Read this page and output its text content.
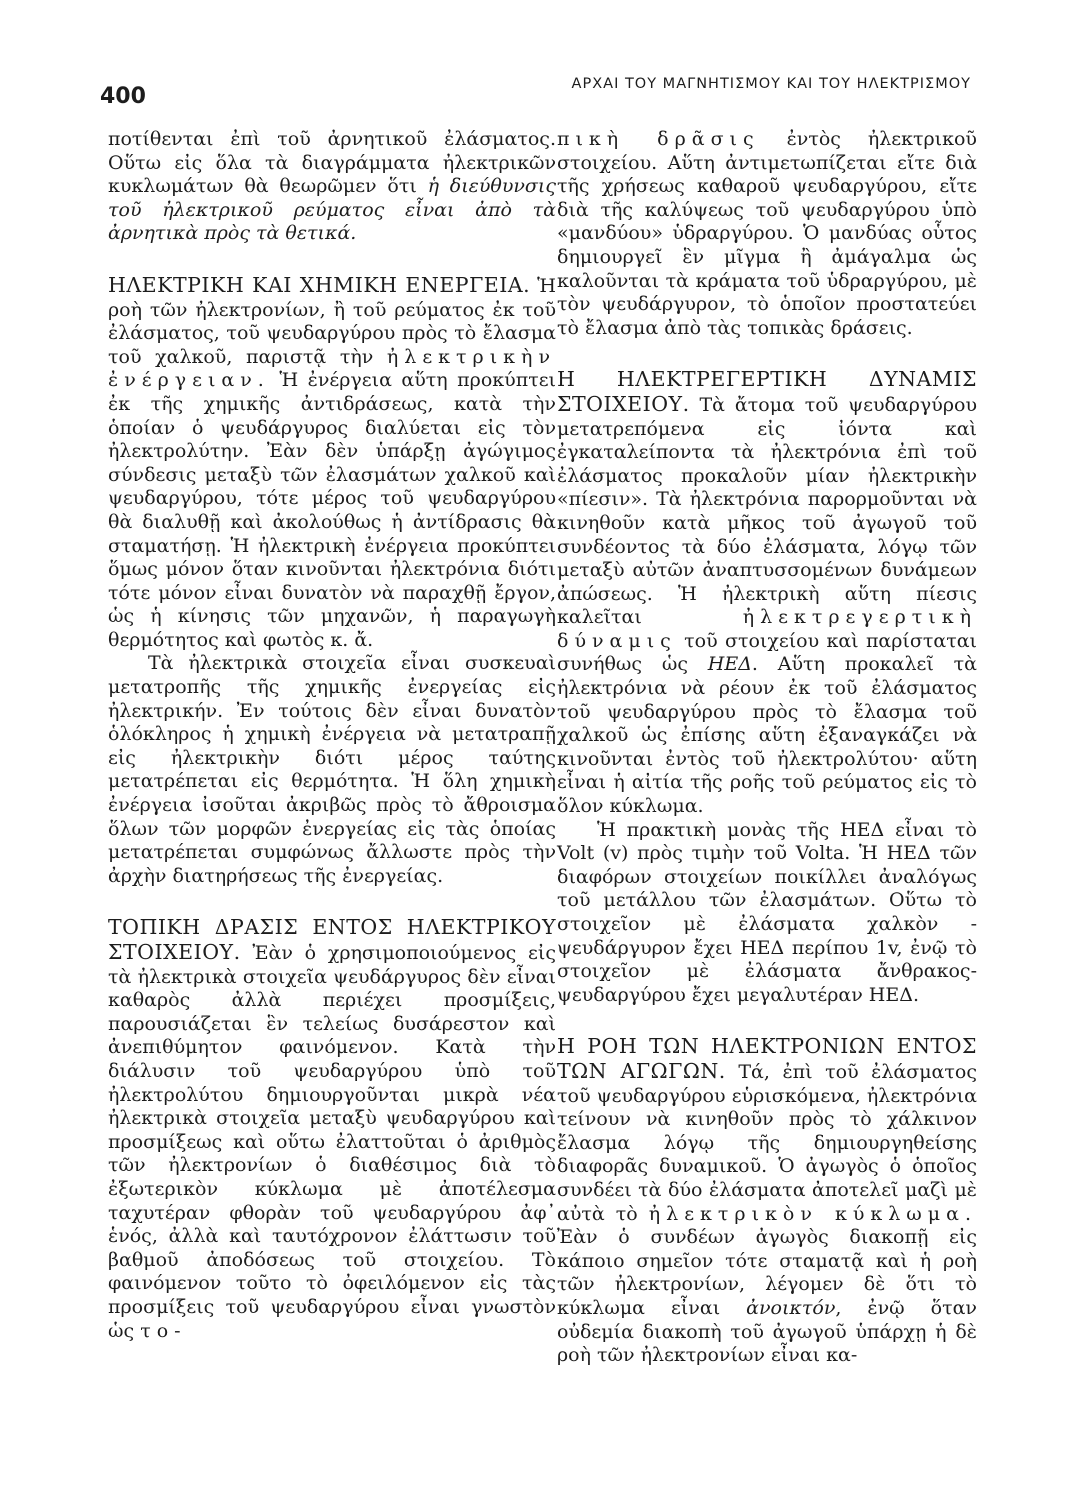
400	ΑΡΧΑΙ ΤΟΥ ΜΑΓΝΗΤΙΣΜΟΥ ΚΑΙ ΤΟΥ ΗΛΕΚΤΡΙΣΜΟΥ

ποτίθενται ἐπὶ τοῦ ἀρνητικοῦ ἐλάσματος. Οὕτω εἰς ὅλα τὰ διαγράμματα ἠλεκτρικῶν κυκλωμάτων θὰ θεωρῶμεν ὅτι ἡ διεύθυνσις τοῦ ἠλεκτρικοῦ ρεύματος εἶναι ἀπὸ τὰ ἀρνητικὰ πρὸς τὰ θετικά.

ΗΛΕΚΤΡΙΚΗ ΚΑΙ ΧΗΜΙΚΗ ΕΝΕΡΓΕΙΑ. Ἡ ροὴ τῶν ἠλεκτρονίων, ἢ τοῦ ρεύματος ἐκ τοῦ ἐλάσματος, τοῦ ψευδαργύρου πρὸς τὸ ἔλασμα τοῦ χαλκοῦ, παριστᾷ τὴν ἠλεκτρικὴν ἐνέργειαν. Ἡ ἐνέργεια αὕτη προκύπτει ἐκ τῆς χημικῆς ἀντιδράσεως, κατὰ τὴν ὁποίαν ὁ ψευδάργυρος διαλύεται εἰς τὸν ἠλεκτρολύτην. Ἐὰν δὲν ὑπάρξῃ ἀγώγιμος σύνδεσις μεταξὺ τῶν ἐλασμάτων χαλκοῦ καὶ ψευδαργύρου, τότε μέρος τοῦ ψευδαργύρου θὰ διαλυθῇ καὶ ἀκολούθως ἡ ἀντίδρασις θὰ σταματήσῃ. Ἡ ἠλεκτρικὴ ἐνέργεια προκύπτει ὅμως μόνον ὅταν κινοῦνται ἠλεκτρόνια διότι τότε μόνον εἶναι δυνατὸν νὰ παραχθῇ ἔργον, ὡς ἡ κίνησις τῶν μηχανῶν, ἡ παραγωγὴ θερμότητος καὶ φωτὸς κ. ἄ.

Τὰ ἠλεκτρικὰ στοιχεῖα εἶναι συσκευαὶ μετατροπῆς τῆς χημικῆς ἐνεργείας εἰς ἠλεκτρικήν. Ἐν τούτοις δὲν εἶναι δυνατὸν ὁλόκληρος ἡ χημικὴ ἐνέργεια νὰ μετατραπῇ εἰς ἠλεκτρικὴν διότι μέρος ταύτης μετατρέπεται εἰς θερμότητα. Ἡ ὅλη χημικὴ ἐνέργεια ἰσοῦται ἀκριβῶς πρὸς τὸ ἄθροισμα ὅλων τῶν μορφῶν ἐνεργείας εἰς τὰς ὁποίας μετατρέπεται συμφώνως ἄλλωστε πρὸς τὴν ἀρχὴν διατηρήσεως τῆς ἐνεργείας.

ΤΟΠΙΚΗ ΔΡΑΣΙΣ ΕΝΤΟΣ ΗΛΕΚΤΡΙΚΟΥ ΣΤΟΙΧΕΙΟΥ. Ἐὰν ὁ χρησιμοποιούμενος εἰς τὰ ἠλεκτρικὰ στοιχεῖα ψευδάργυρος δὲν εἶναι καθαρὸς ἀλλὰ περιέχει προσμίξεις, παρουσιάζεται ἓν τελείως δυσάρεστον καὶ ἀνεπιθύμητον φαινόμενον. Κατὰ τὴν διάλυσιν τοῦ ψευδαργύρου ὑπὸ τοῦ ἠλεκτρολύτου δημιουργοῦνται μικρὰ νέα ἠλεκτρικὰ στοιχεῖα μεταξὺ ψευδαργύρου καὶ προσμίξεως καὶ οὕτω ἐλαττοῦται ὁ ἀριθμὸς τῶν ἠλεκτρονίων ὁ διαθέσιμος διὰ τὸ ἐξωτερικὸν κύκλωμα μὲ ἀποτέλεσμα ταχυτέραν φθορὰν τοῦ ψευδαργύρου ἀφ᾽ ἑνός, ἀλλὰ καὶ ταυτόχρονον ἐλάττωσιν τοῦ βαθμοῦ ἀποδόσεως τοῦ στοιχείου. Τὸ φαινόμενον τοῦτο τὸ ὀφειλόμενον εἰς τὰς προσμίξεις τοῦ ψευδαργύρου εἶναι γνωστὸν ὡς το-

πικὴ δρᾶσις ἐντὸς ἠλεκτρικοῦ στοιχείου. Αὕτη ἀντιμετωπίζεται εἴτε διὰ τῆς χρήσεως καθαροῦ ψευδαργύρου, εἴτε διὰ τῆς καλύψεως τοῦ ψευδαργύρου ὑπὸ «μανδύου» ὑδραργύρου. Ὁ μανδύας οὗτος δημιουργεῖ ἓν μῖγμα ἢ ἀμάγαλμα ὡς καλοῦνται τὰ κράματα τοῦ ὑδραργύρου, μὲ τὸν ψευδάργυρον, τὸ ὁποῖον προστατεύει τὸ ἔλασμα ἀπὸ τὰς τοπικὰς δράσεις.

Η ΗΛΕΚΤΡΕΓΕΡΤΙΚΗ ΔΥΝΑΜΙΣ ΣΤΟΙΧΕΙΟΥ. Τὰ ἄτομα τοῦ ψευδαργύρου μετατρεπόμενα εἰς ἰόντα καὶ ἐγκαταλείποντα τὰ ἠλεκτρόνια ἐπὶ τοῦ ἐλάσματος προκαλοῦν μίαν ἠλεκτρικὴν «πίεσιν». Τὰ ἠλεκτρόνια παρορμοῦνται νὰ κινηθοῦν κατὰ μῆκος τοῦ ἀγωγοῦ τοῦ συνδέοντος τὰ δύο ἐλάσματα, λόγῳ τῶν μεταξὺ αὐτῶν ἀναπτυσσομένων δυνάμεων ἀπώσεως. Ἡ ἠλεκτρικὴ αὕτη πίεσις καλεῖται ἠλεκτρεγερτικὴ δύναμις τοῦ στοιχείου καὶ παρίσταται συνήθως ὡς ΗΕΔ. Αὕτη προκαλεῖ τὰ ἠλεκτρόνια νὰ ρέουν ἐκ τοῦ ἐλάσματος τοῦ ψευδαργύρου πρὸς τὸ ἔλασμα τοῦ χαλκοῦ ὡς ἐπίσης αὕτη ἐξαναγκάζει νὰ κινοῦνται ἐντὸς τοῦ ἠλεκτρολύτου· αὕτη εἶναι ἡ αἰτία τῆς ροῆς τοῦ ρεύματος εἰς τὸ ὅλον κύκλωμα.

Ἡ πρακτικὴ μονὰς τῆς ΗΕΔ εἶναι τὸ Volt (v) πρὸς τιμὴν τοῦ Volta. Ἡ ΗΕΔ τῶν διαφόρων στοιχείων ποικίλλει ἀναλόγως τοῦ μετάλλου τῶν ἐλασμάτων. Οὕτω τὸ στοιχεῖον μὲ ἐλάσματα χαλκὸν - ψευδάργυρον ἔχει ΗΕΔ περίπου 1v, ἐνῷ τὸ στοιχεῖον μὲ ἐλάσματα ἄνθρακος-ψευδαργύρου ἔχει μεγαλυτέραν ΗΕΔ.

Η ΡΟΗ ΤΩΝ ΗΛΕΚΤΡΟΝΙΩΝ ΕΝΤΟΣ ΤΩΝ ΑΓΩΓΩΝ. Τά, ἐπὶ τοῦ ἐλάσματος τοῦ ψευδαργύρου εὑρισκόμενα, ἠλεκτρόνια τείνουν νὰ κινηθοῦν πρὸς τὸ χάλκινον ἔλασμα λόγῳ τῆς δημιουργηθείσης διαφορᾶς δυναμικοῦ. Ὁ ἀγωγὸς ὁ ὁποῖος συνδέει τὰ δύο ἐλάσματα ἀποτελεῖ μαζὶ μὲ αὐτὰ τὸ ἠλεκτρικὸν κύκλωμα. Ἐὰν ὁ συνδέων ἀγωγὸς διακοπῇ εἰς κάποιο σημεῖον τότε σταματᾷ καὶ ἡ ροὴ τῶν ἠλεκτρονίων, λέγομεν δὲ ὅτι τὸ κύκλωμα εἶναι ἀνοικτόν, ἐνῷ ὅταν οὐδεμία διακοπὴ τοῦ ἀγωγοῦ ὑπάρχῃ ἡ δὲ ροὴ τῶν ἠλεκτρονίων εἶναι κα-
